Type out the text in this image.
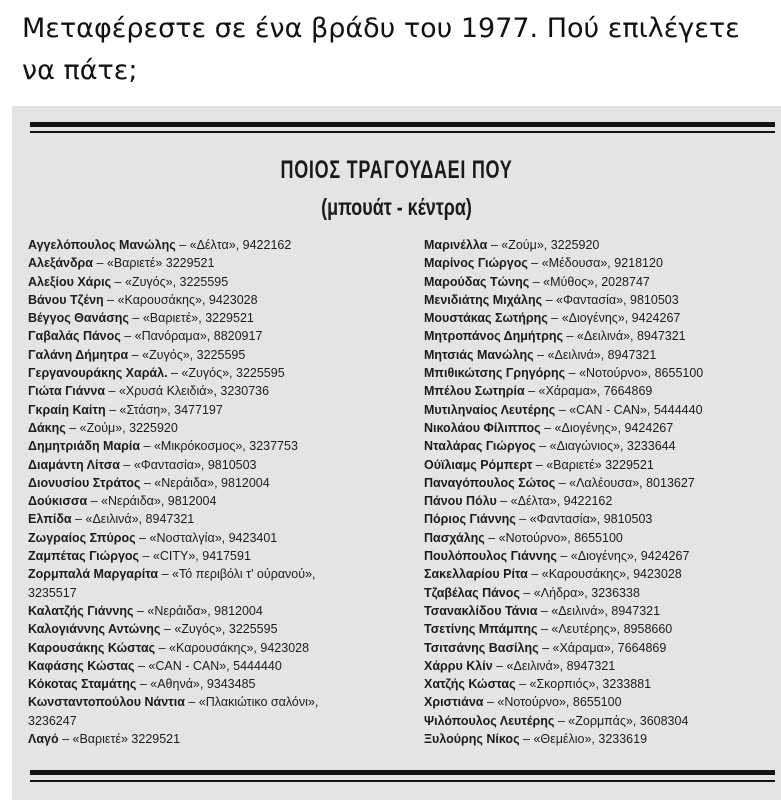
Μεταφέρεστε σε ένα βράδυ του 1977. Πού επιλέγετε να πάτε;

ΠΟΙΟΣ ΤΡΑΓΟΥΔΑΕΙ ΠΟΥ
(μπουάτ - κέντρα)
Αγγελόπουλος Μανώλης – «Δέλτα», 9422162
Αλεξάνδρα – «Βαριετέ» 3229521
Αλεξίου Χάρις – «Ζυγός», 3225595
Βάνου Τζένη – «Καρουσάκης», 9423028
Βέγγος Θανάσης – «Βαριετέ», 3229521
Γαβαλάς Πάνος – «Πανόραμα», 8820917
Γαλάνη Δήμητρα – «Ζυγός», 3225595
Γεργανουράκης Χαράλ. – «Ζυγός», 3225595
Γιώτα Γιάννα – «Χρυσά Κλειδιά», 3230736
Γκραίη Καίτη – «Στάση», 3477197
Δάκης – «Ζούμ», 3225920
Δημητριάδη Μαρία – «Μικρόκοσμος», 3237753
Διαμάντη Λίτσα – «Φαντασία», 9810503
Διονυσίου Στράτος – «Νεράιδα», 9812004
Δούκισσα – «Νεράιδα», 9812004
Ελπίδα – «Δειλινά», 8947321
Ζωγραίος Σπύρος – «Νοσταλγία», 9423401
Ζαμπέτας Γιώργος – «CITY», 9417591
Ζορμπαλά Μαργαρίτα – «Τό περιβόλι τ' ούρανού», 3235517
Καλατζής Γιάννης – «Νεράιδα», 9812004
Καλογιάννης Αντώνης – «Ζυγός», 3225595
Καρουσάκης Κώστας – «Καρουσάκης», 9423028
Καφάσης Κώστας – «CAN - CAN», 5444440
Κόκοτας Σταμάτης – «Αθηνά», 9343485
Κωνσταντοπούλου Νάντια – «Πλακιώτικο σαλόνι», 3236247
Λαγό – «Βαριετέ» 3229521
Μαρινέλλα – «Ζούμ», 3225920
Μαρίνος Γιώργος – «Μέδουσα», 9218120
Μαρούδας Τώνης – «Μύθος», 2028747
Μενιδιάτης Μιχάλης – «Φαντασία», 9810503
Μουστάκας Σωτήρης – «Διογένης», 9424267
Μητροπάνος Δημήτρης – «Δειλινά», 8947321
Μητσιάς Μανώλης – «Δειλινά», 8947321
Μπιθικώτσης Γρηγόρης – «Νοτούρνο», 8655100
Μπέλου Σωτηρία – «Χάραμα», 7664869
Μυτιληναίος Λευτέρης – «CAN - CAN», 5444440
Νικολάου Φίλιππος – «Διογένης», 9424267
Νταλάρας Γιώργος – «Διαγώνιος», 3233644
Ούϊλιαμς Ρόμπερτ – «Βαριετέ» 3229521
Παναγόπουλος Σώτος – «Λαλέουσα», 8013627
Πάνου Πόλυ – «Δέλτα», 9422162
Πόριος Γιάννης – «Φαντασία», 9810503
Πασχάλης – «Νοτούρνο», 8655100
Πουλόπουλος Γιάννης – «Διογένης», 9424267
Σακελλαρίου Ρίτα – «Καρουσάκης», 9423028
Τζαβέλας Πάνος – «Λήδρα», 3236338
Τσανακλίδου Τάνια – «Δειλινά», 8947321
Τσετίνης Μπάμπης – «Λευτέρης», 8958660
Τσιτσάνης Βασίλης – «Χάραμα», 7664869
Χάρρυ Κλίν – «Δειλινά», 8947321
Χατζής Κώστας – «Σκορπιός», 3233881
Χριστιάνα – «Νοτούρνο», 8655100
Ψιλόπουλος Λευτέρης – «Ζορμπάς», 3608304
Ξυλούρης Νίκος – «Θεμέλιο», 3233619
